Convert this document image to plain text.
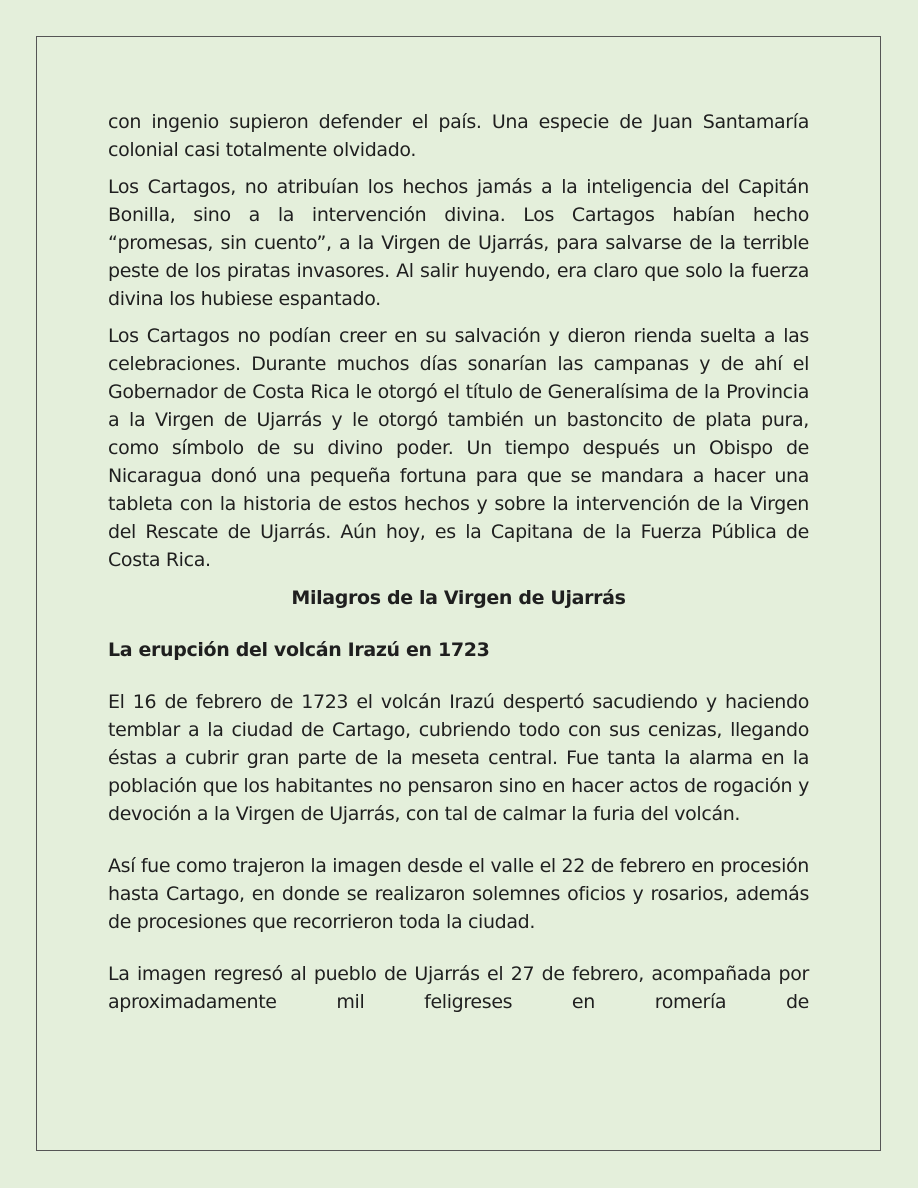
con ingenio supieron defender el país. Una especie de Juan Santamaría colonial casi totalmente olvidado.

Los Cartagos, no atribuían los hechos jamás a la inteligencia del Capitán Bonilla, sino a la intervención divina. Los Cartagos habían hecho “promesas, sin cuento”, a la Virgen de Ujarrás, para salvarse de la terrible peste de los piratas invasores. Al salir huyendo, era claro que solo la fuerza divina los hubiese espantado.

Los Cartagos no podían creer en su salvación y dieron rienda suelta a las celebraciones. Durante muchos días sonarían las campanas y de ahí el Gobernador de Costa Rica le otorgó el título de Generalísima de la Provincia a la Virgen de Ujarrás y le otorgó también un bastoncito de plata pura, como símbolo de su divino poder. Un tiempo después un Obispo de Nicaragua donó una pequeña fortuna para que se mandara a hacer una tableta con la historia de estos hechos y sobre la intervención de la Virgen del Rescate de Ujarrás. Aún hoy, es la Capitana de la Fuerza Pública de Costa Rica.

Milagros de la Virgen de Ujarrás

La erupción del volcán Irazú en 1723

El 16 de febrero de 1723 el volcán Irazú despertó sacudiendo y haciendo temblar a la ciudad de Cartago, cubriendo todo con sus cenizas, llegando éstas a cubrir gran parte de la meseta central. Fue tanta la alarma en la población que los habitantes no pensaron sino en hacer actos de rogación y devoción a la Virgen de Ujarrás, con tal de calmar la furia del volcán.

Así fue como trajeron la imagen desde el valle el 22 de febrero en procesión hasta Cartago, en donde se realizaron solemnes oficios y rosarios, además de procesiones que recorrieron toda la ciudad.

La imagen regresó al pueblo de Ujarrás el 27 de febrero, acompañada por aproximadamente mil feligreses en romería de
